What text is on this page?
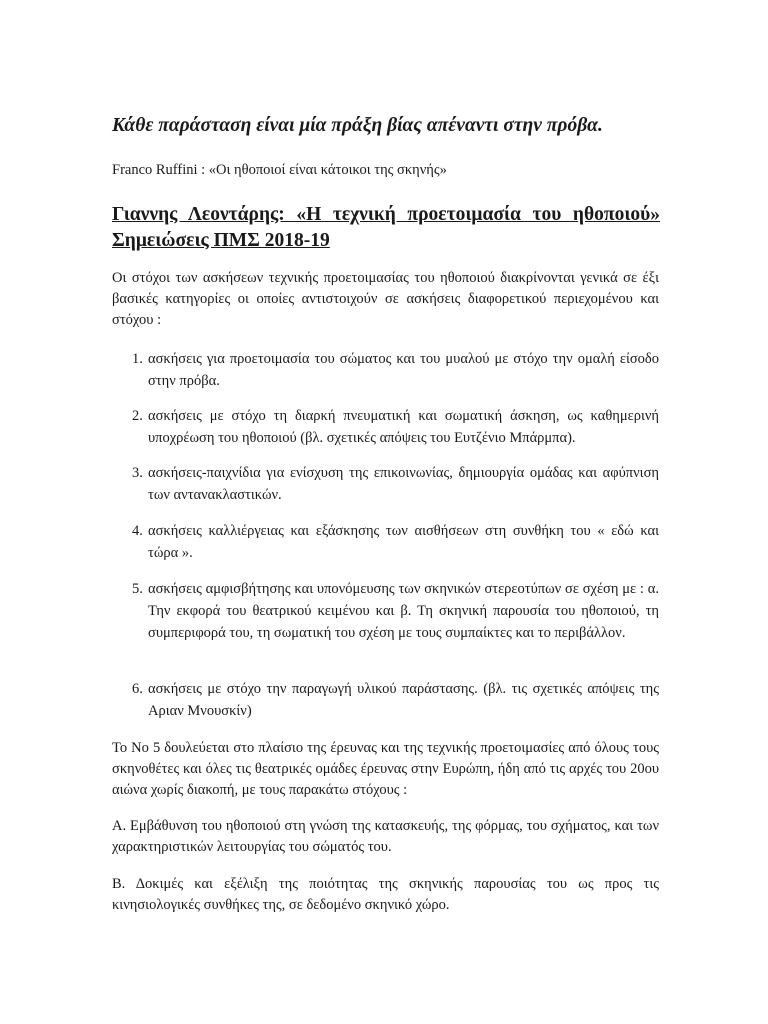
Κάθε παράσταση είναι μία πράξη βίας απέναντι στην πρόβα.
Franco Ruffini : «Οι ηθοποιοί είναι κάτοικοι της σκηνής»
Γιαννης Λεοντάρης: «Η τεχνική προετοιμασία του ηθοποιού»
Σημειώσεις ΠΜΣ 2018-19
Οι στόχοι των ασκήσεων τεχνικής προετοιμασίας του ηθοποιού διακρίνονται γενικά σε έξι βασικές κατηγορίες οι οποίες αντιστοιχούν σε ασκήσεις διαφορετικού περιεχομένου και στόχου :
1. ασκήσεις για προετοιμασία του σώματος και του μυαλού με στόχο την ομαλή είσοδο στην πρόβα.
2. ασκήσεις με στόχο τη διαρκή πνευματική και σωματική άσκηση, ως καθημερινή υποχρέωση του ηθοποιού (βλ. σχετικές απόψεις του Ευτζένιο Μπάρμπα).
3. ασκήσεις-παιχνίδια για ενίσχυση της επικοινωνίας, δημιουργία ομάδας και αφύπνιση των αντανακλαστικών.
4. ασκήσεις καλλιέργειας και εξάσκησης των αισθήσεων στη συνθήκη του « εδώ και τώρα ».
5. ασκήσεις αμφισβήτησης και υπονόμευσης των σκηνικών στερεοτύπων σε σχέση με : α. Την εκφορά του θεατρικού κειμένου και β. Τη σκηνική παρουσία του ηθοποιού, τη συμπεριφορά του, τη σωματική του σχέση με τους συμπαίκτες και το περιβάλλον.
6. ασκήσεις με στόχο την παραγωγή υλικού παράστασης. (βλ. τις σχετικές απόψεις της Αριαν Μνουσκίν)
Το Νο 5 δουλεύεται στο πλαίσιο της έρευνας και της τεχνικής προετοιμασίες από όλους τους σκηνοθέτες και όλες τις θεατρικές ομάδες έρευνας στην Ευρώπη, ήδη από τις αρχές του 20ου αιώνα χωρίς διακοπή, με τους παρακάτω στόχους :
Α. Εμβάθυνση του ηθοποιού στη γνώση της κατασκευής, της φόρμας, του σχήματος, και των χαρακτηριστικών λειτουργίας του σώματός του.
Β. Δοκιμές και εξέλιξη της ποιότητας της σκηνικής παρουσίας του ως προς τις κινησιολογικές συνθήκες της, σε δεδομένο σκηνικό χώρο.
